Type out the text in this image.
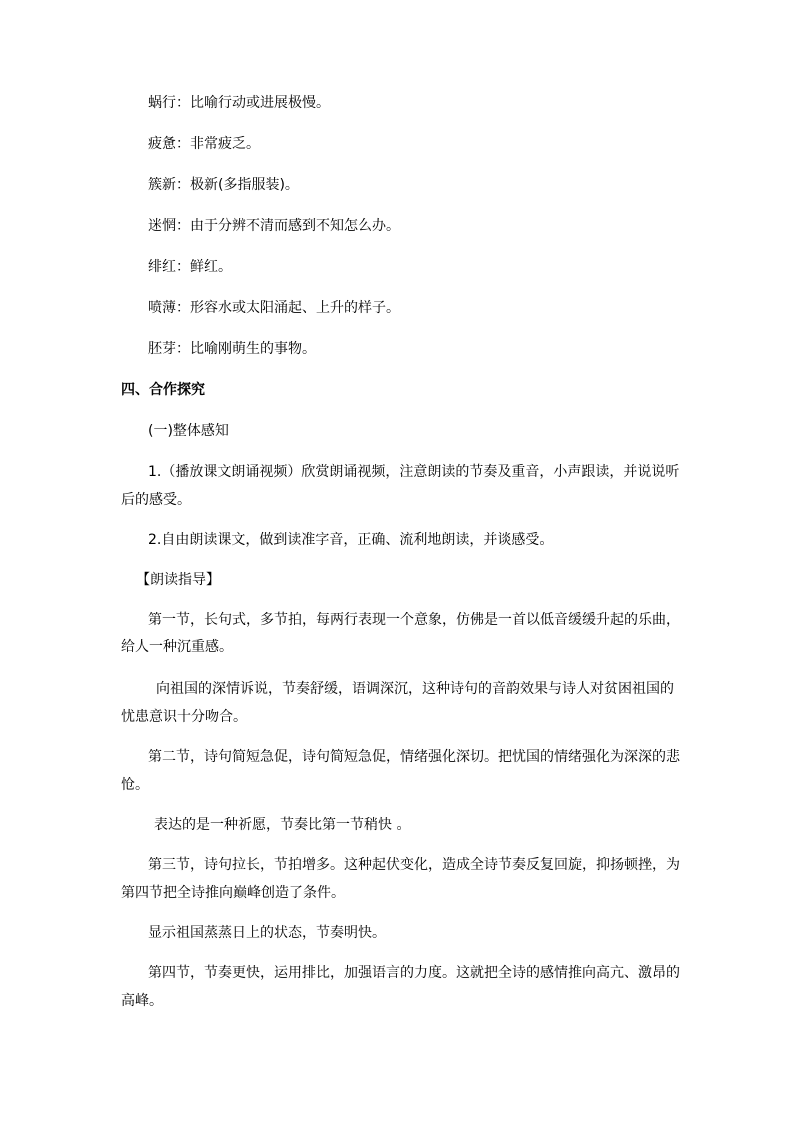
蜗行：比喻行动或进展极慢。
疲惫：非常疲乏。
簇新：极新(多指服装)。
迷惘：由于分辨不清而感到不知怎么办。
绯红：鲜红。
喷薄：形容水或太阳涌起、上升的样子。
胚芽：比喻刚萌生的事物。
四、合作探究
(一)整体感知
1.（播放课文朗诵视频）欣赏朗诵视频，注意朗读的节奏及重音，小声跟读，并说说听
后的感受。
2.自由朗读课文，做到读准字音，正确、流利地朗读，并谈感受。
【朗读指导】
第一节，长句式，多节拍，每两行表现一个意象，仿佛是一首以低音缓缓升起的乐曲，
给人一种沉重感。
向祖国的深情诉说，节奏舒缓，语调深沉，这种诗句的音韵效果与诗人对贫困祖国的
忧患意识十分吻合。
第二节，诗句简短急促，诗句简短急促，情绪强化深切。把忧国的情绪强化为深深的悲
怆。
表达的是一种祈愿，节奏比第一节稍快 。
第三节，诗句拉长，节拍增多。这种起伏变化，造成全诗节奏反复回旋，抑扬顿挫，为
第四节把全诗推向巅峰创造了条件。
显示祖国蒸蒸日上的状态，节奏明快。
第四节，节奏更快，运用排比，加强语言的力度。这就把全诗的感情推向高亢、激昂的
高峰。
